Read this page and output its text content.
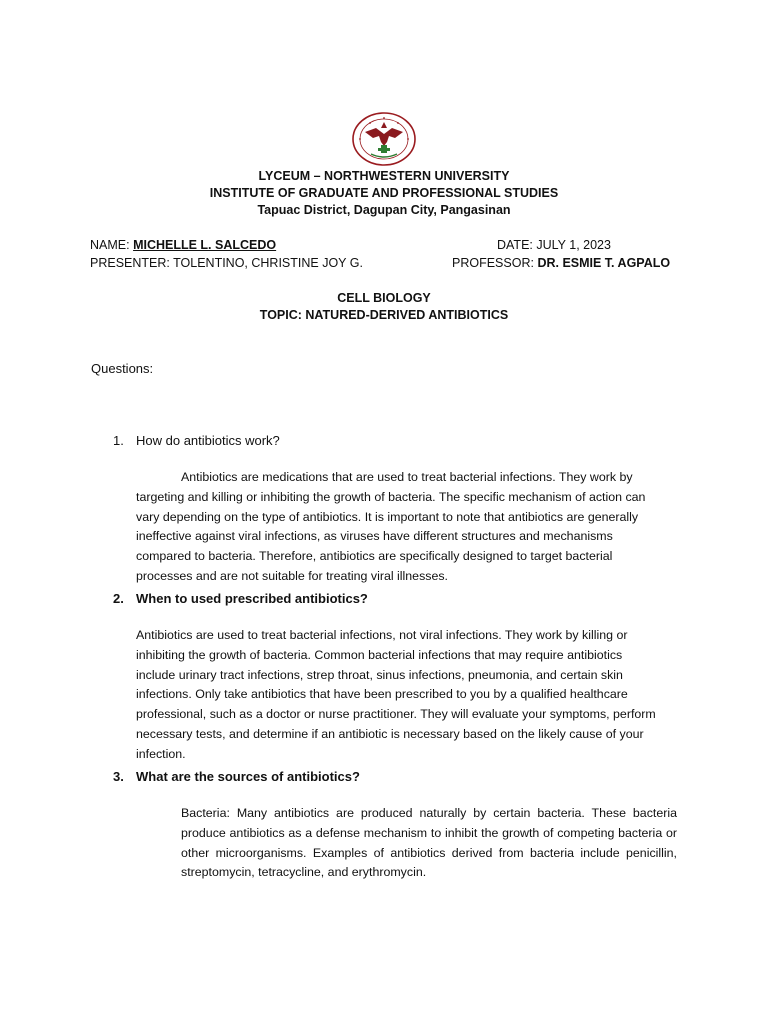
LYCEUM – NORTHWESTERN UNIVERSITY
INSTITUTE OF GRADUATE AND PROFESSIONAL STUDIES
Tapuac District, Dagupan City, Pangasinan
NAME: MICHELLE L. SALCEDO	DATE: JULY 1, 2023
PRESENTER: TOLENTINO, CHRISTINE JOY G.	PROFESSOR: DR. ESMIE T. AGPALO
CELL BIOLOGY
TOPIC: NATURED-DERIVED ANTIBIOTICS
Questions:
1. How do antibiotics work?

Antibiotics are medications that are used to treat bacterial infections. They work by targeting and killing or inhibiting the growth of bacteria. The specific mechanism of action can vary depending on the type of antibiotics. It is important to note that antibiotics are generally ineffective against viral infections, as viruses have different structures and mechanisms compared to bacteria. Therefore, antibiotics are specifically designed to target bacterial processes and are not suitable for treating viral illnesses.

2. When to used prescribed antibiotics?

Antibiotics are used to treat bacterial infections, not viral infections. They work by killing or inhibiting the growth of bacteria. Common bacterial infections that may require antibiotics include urinary tract infections, strep throat, sinus infections, pneumonia, and certain skin infections. Only take antibiotics that have been prescribed to you by a qualified healthcare professional, such as a doctor or nurse practitioner. They will evaluate your symptoms, perform necessary tests, and determine if an antibiotic is necessary based on the likely cause of your infection.

3. What are the sources of antibiotics?

Bacteria: Many antibiotics are produced naturally by certain bacteria. These bacteria produce antibiotics as a defense mechanism to inhibit the growth of competing bacteria or other microorganisms. Examples of antibiotics derived from bacteria include penicillin, streptomycin, tetracycline, and erythromycin.
